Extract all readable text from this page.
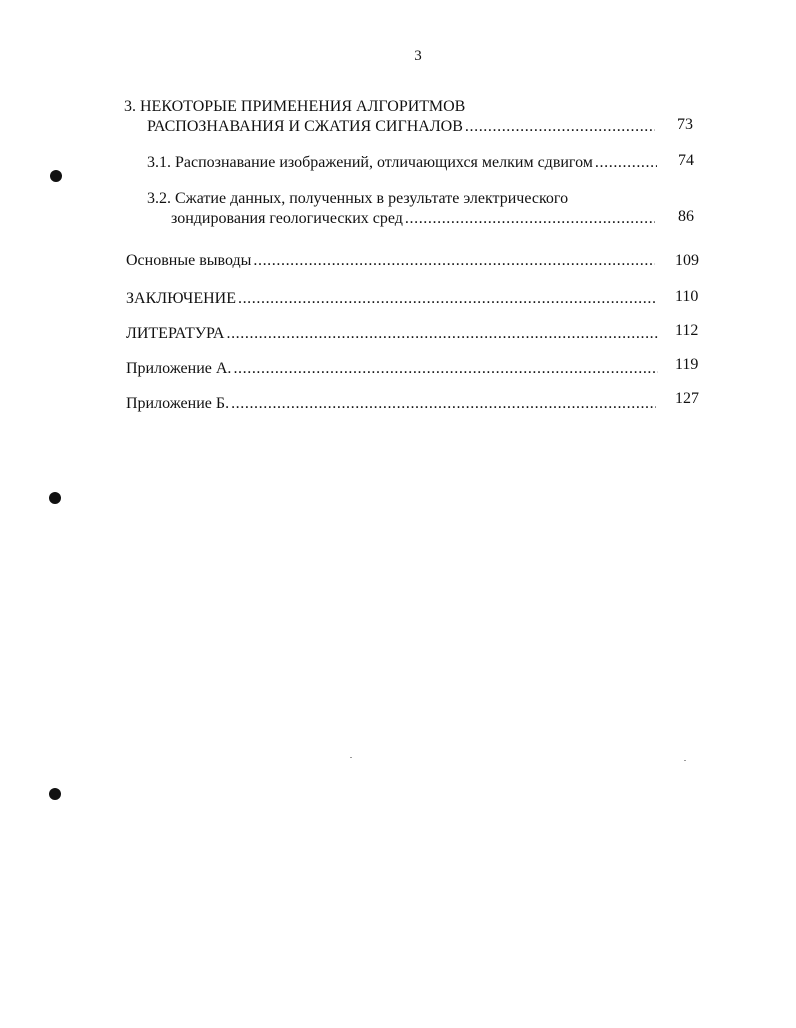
3
3. НЕКОТОРЫЕ ПРИМЕНЕНИЯ АЛГОРИТМОВ
РАСПОЗНАВАНИЯ И СЖАТИЯ СИГНАЛОВ .....	73
3.1. Распознавание изображений, отличающихся мелким сдвигом .....	74
3.2. Сжатие данных, полученных в результате электрического
зондирования геологических сред .....	86
Основные выводы .....	109
ЗАКЛЮЧЕНИЕ .....	110
ЛИТЕРАТУРА .....	112
Приложение А. .....	119
Приложение Б. .....	127
